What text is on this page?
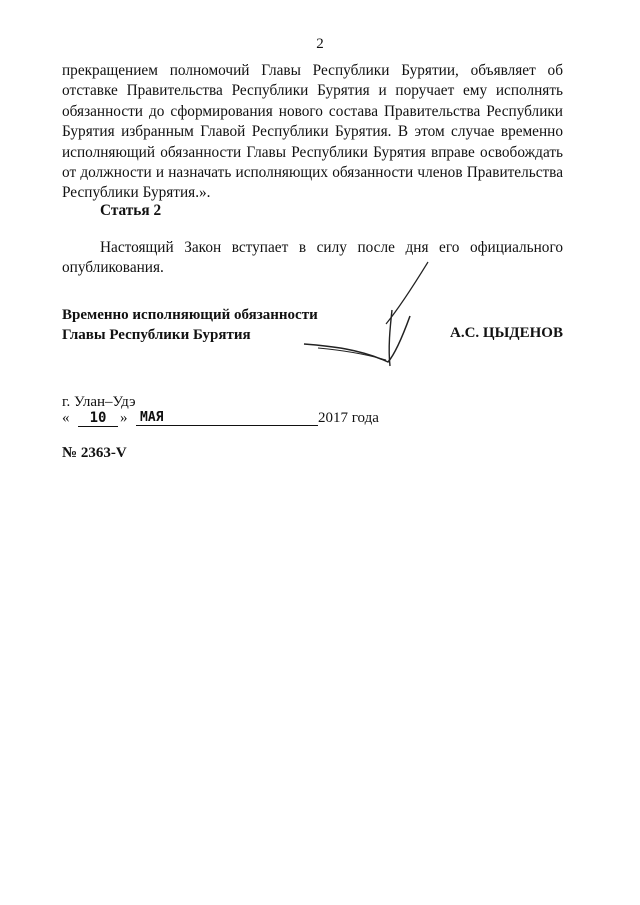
2

прекращением полномочий Главы Республики Бурятии, объявляет об отставке Правительства Республики Бурятия и поручает ему исполнять обязанности до сформирования нового состава Правительства Республики Бурятия избранным Главой Республики Бурятия. В этом случае временно исполняющий обязанности Главы Республики Бурятия вправе освобождать от должности и назначать исполняющих обязанности членов Правительства Республики Бурятия.».

Статья 2

Настоящий Закон вступает в силу после дня его официального опубликования.

Временно исполняющий обязанности
Главы Республики Бурятия	А.С. ЦЫДЕНОВ
г. Улан–Удэ
«	10 » МАЯ	2017 года
№ 2363-V
